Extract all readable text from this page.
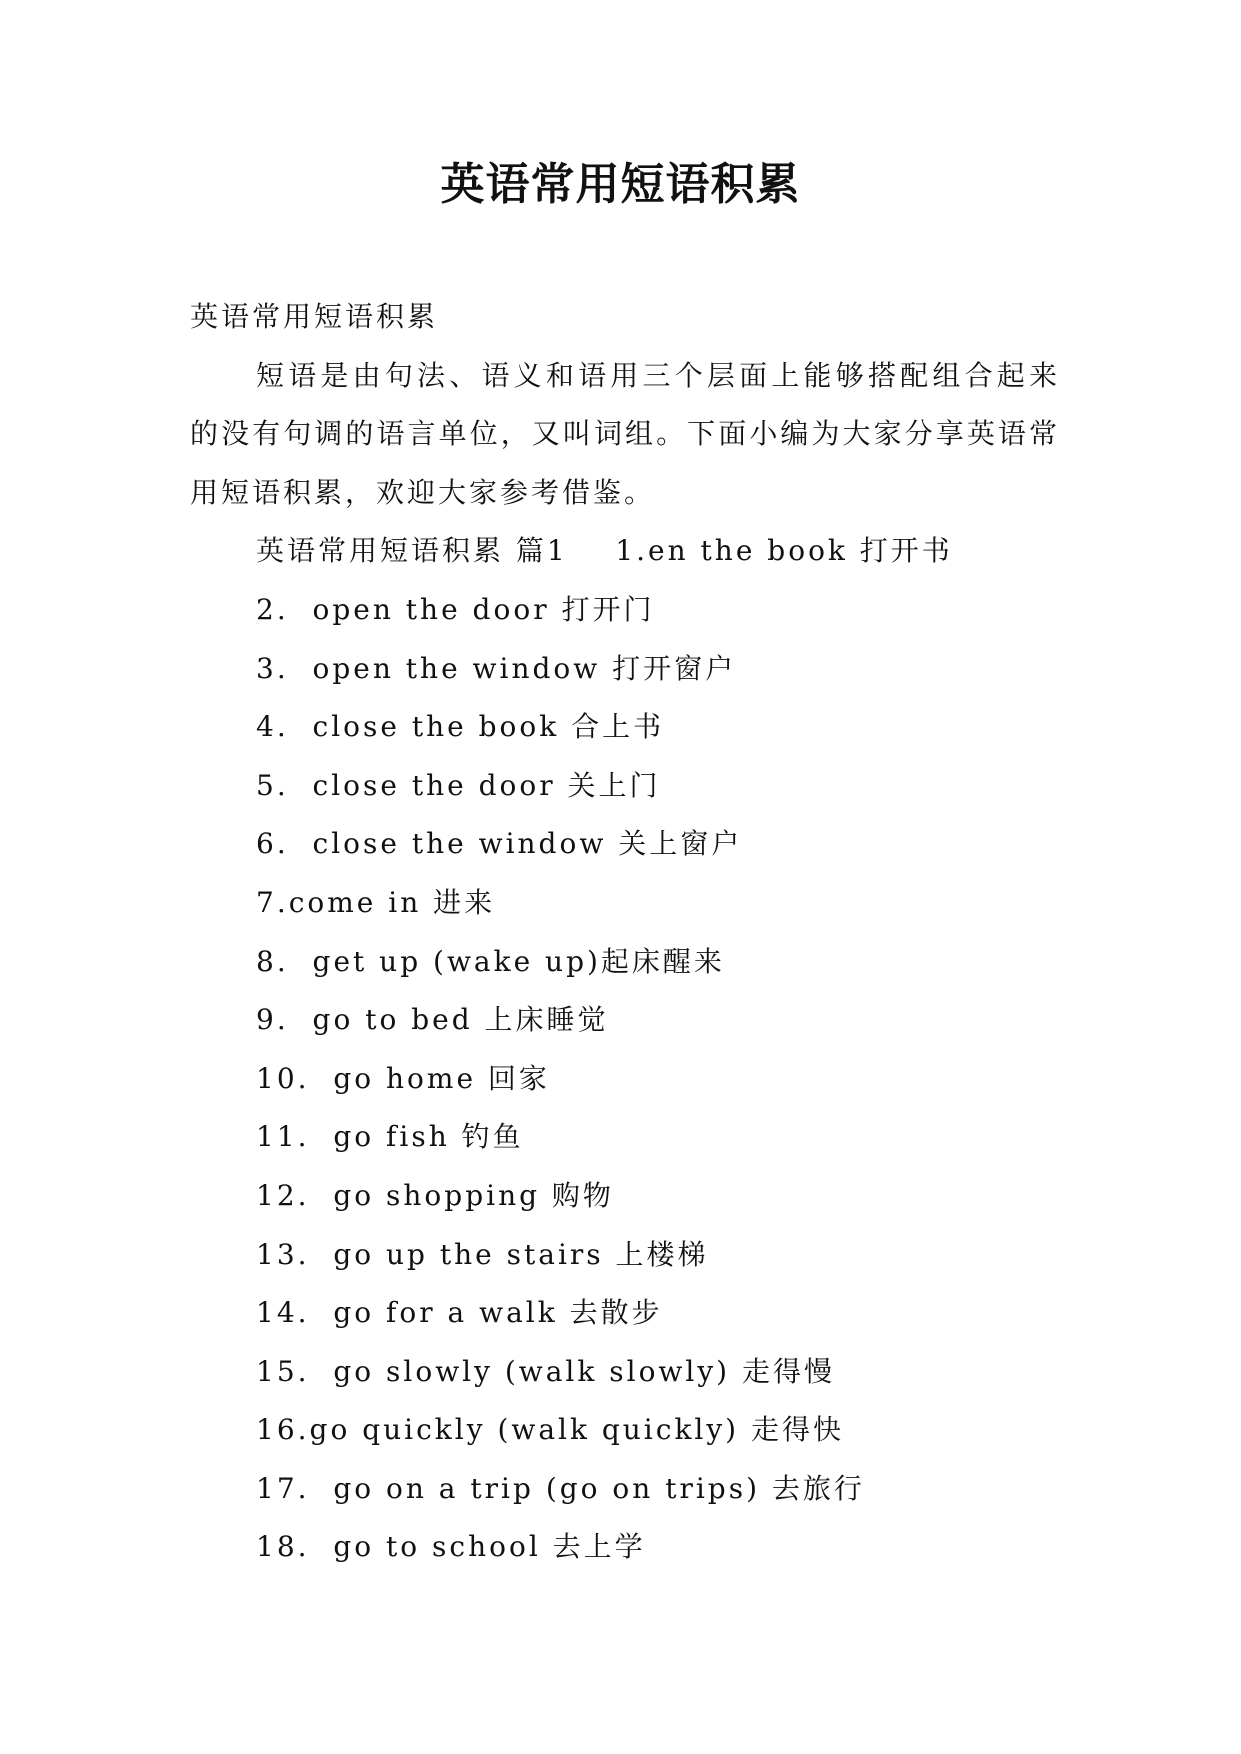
英语常用短语积累
英语常用短语积累
短语是由句法、语义和语用三个层面上能够搭配组合起来的没有句调的语言单位，又叫词组。下面小编为大家分享英语常用短语积累，欢迎大家参考借鉴。
英语常用短语积累 篇1    1.en the book 打开书
2.  open the door 打开门
3.  open the window 打开窗户
4.  close the book 合上书
5.  close the door 关上门
6.  close the window 关上窗户
7.come in 进来
8.  get up (wake up)起床醒来
9.  go to bed 上床睡觉
10.  go home 回家
11.  go fish 钓鱼
12.  go shopping 购物
13.  go up the stairs 上楼梯
14.  go for a walk 去散步
15.  go slowly (walk slowly) 走得慢
16.go quickly (walk quickly) 走得快
17.  go on a trip (go on trips) 去旅行
18.  go to school 去上学
